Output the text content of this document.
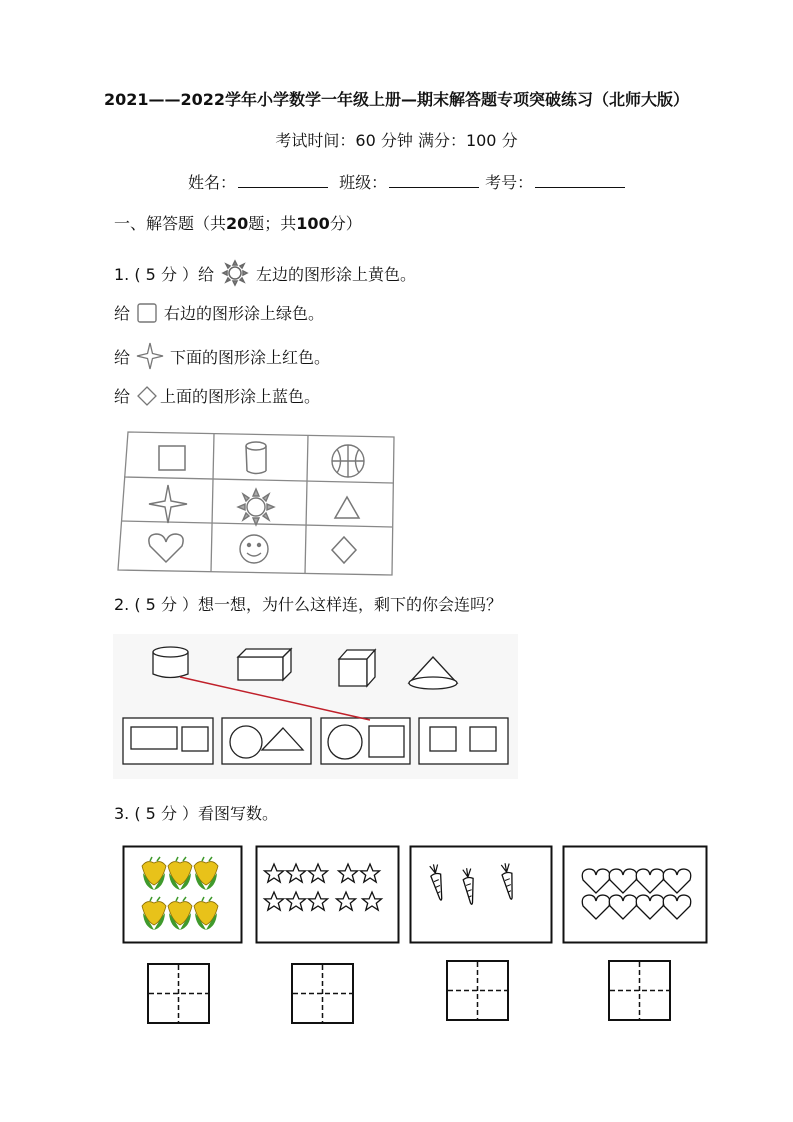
2021——2022学年小学数学一年级上册—期末解答题专项突破练习（北师大版）
考试时间：60 分钟 满分：100 分
姓名：	班级：	考号：
一、解答题（共20题；共100分）
1. ( 5 分 ）给	左边的图形涂上黄色。
给 右边的图形涂上绿色。
给	下面的图形涂上红色。
给 上面的图形涂上蓝色。
2. ( 5 分 ）想一想，为什么这样连，剩下的你会连吗？
3. ( 5 分 ）看图写数。
